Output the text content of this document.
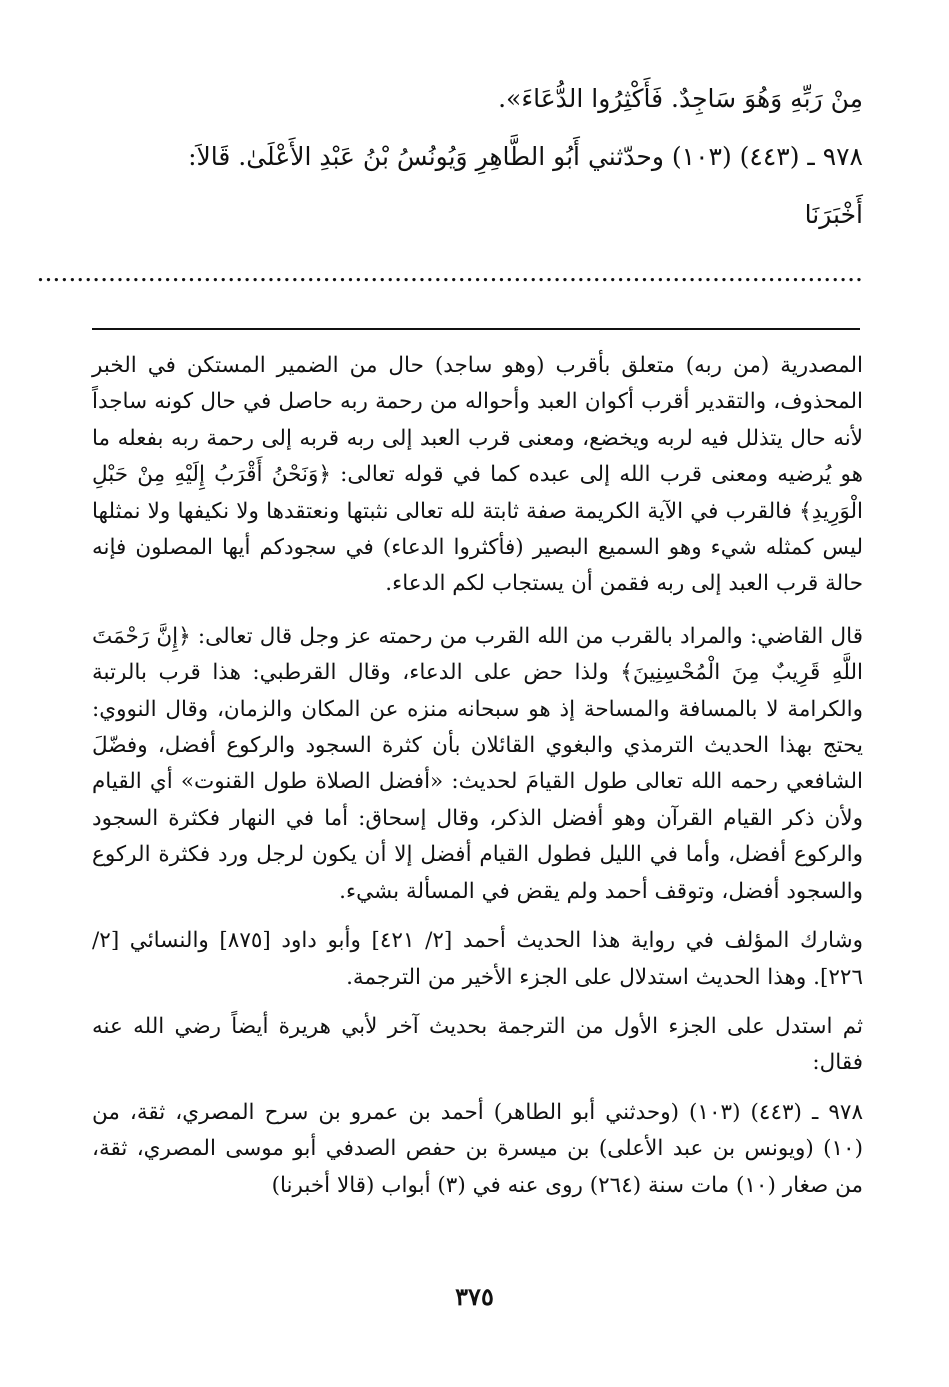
مِنْ رَبِّهِ وَهُوَ سَاجِدٌ. فَأَكْثِرُوا الدُّعَاءَ».

٩٧٨ ـ (٤٤٣) (١٠٣) وحدّثني أَبُو الطَّاهِرِ وَيُونُسُ بْنُ عَبْدِ الأَعْلَىٰ. قَالاَ:

أَخْبَرَنَا ........................................................................................................

المصدرية (من ربه) متعلق بأقرب (وهو ساجد) حال من الضمير المستكن في الخبر المحذوف، والتقدير أقرب أكوان العبد وأحواله من رحمة ربه حاصل في حال كونه ساجداً لأنه حال يتذلل فيه لربه ويخضع، ومعنى قرب العبد إلى ربه قربه إلى رحمة ربه بفعله ما هو يُرضيه ومعنى قرب الله إلى عبده كما في قوله تعالى: ﴿وَنَحْنُ أَقْرَبُ إِلَيْهِ مِنْ حَبْلِ الْوَرِيدِ﴾ فالقرب في الآية الكريمة صفة ثابتة لله تعالى نثبتها ونعتقدها ولا نكيفها ولا نمثلها ليس كمثله شيء وهو السميع البصير (فأكثروا الدعاء) في سجودكم أيها المصلون فإنه حالة قرب العبد إلى ربه فقمن أن يستجاب لكم الدعاء.

قال القاضي: والمراد بالقرب من الله القرب من رحمته عز وجل قال تعالى: ﴿إِنَّ رَحْمَتَ اللَّهِ قَرِيبٌ مِنَ الْمُحْسِنِينَ﴾ ولذا حض على الدعاء، وقال القرطبي: هذا قرب بالرتبة والكرامة لا بالمسافة والمساحة إذ هو سبحانه منزه عن المكان والزمان، وقال النووي: يحتج بهذا الحديث الترمذي والبغوي القائلان بأن كثرة السجود والركوع أفضل، وفضّلَ الشافعي رحمه الله تعالى طول القيامَ لحديث: «أفضل الصلاة طول القنوت» أي القيام ولأن ذكر القيام القرآن وهو أفضل الذكر، وقال إسحاق: أما في النهار فكثرة السجود والركوع أفضل، وأما في الليل فطول القيام أفضل إلا أن يكون لرجل ورد فكثرة الركوع والسجود أفضل، وتوقف أحمد ولم يقض في المسألة بشيء.

وشارك المؤلف في رواية هذا الحديث أحمد [٢/ ٤٢١] وأبو داود [٨٧٥] والنسائي [٢/ ٢٢٦]. وهذا الحديث استدلال على الجزء الأخير من الترجمة.

ثم استدل على الجزء الأول من الترجمة بحديث آخر لأبي هريرة أيضاً رضي الله عنه فقال:

٩٧٨ ـ (٤٤٣) (١٠٣) (وحدثني أبو الطاهر) أحمد بن عمرو بن سرح المصري، ثقة، من (١٠) (ويونس بن عبد الأعلى) بن ميسرة بن حفص الصدفي أبو موسى المصري، ثقة، من صغار (١٠) مات سنة (٢٦٤) روى عنه في (٣) أبواب (قالا أخبرنا)

٣٧٥
